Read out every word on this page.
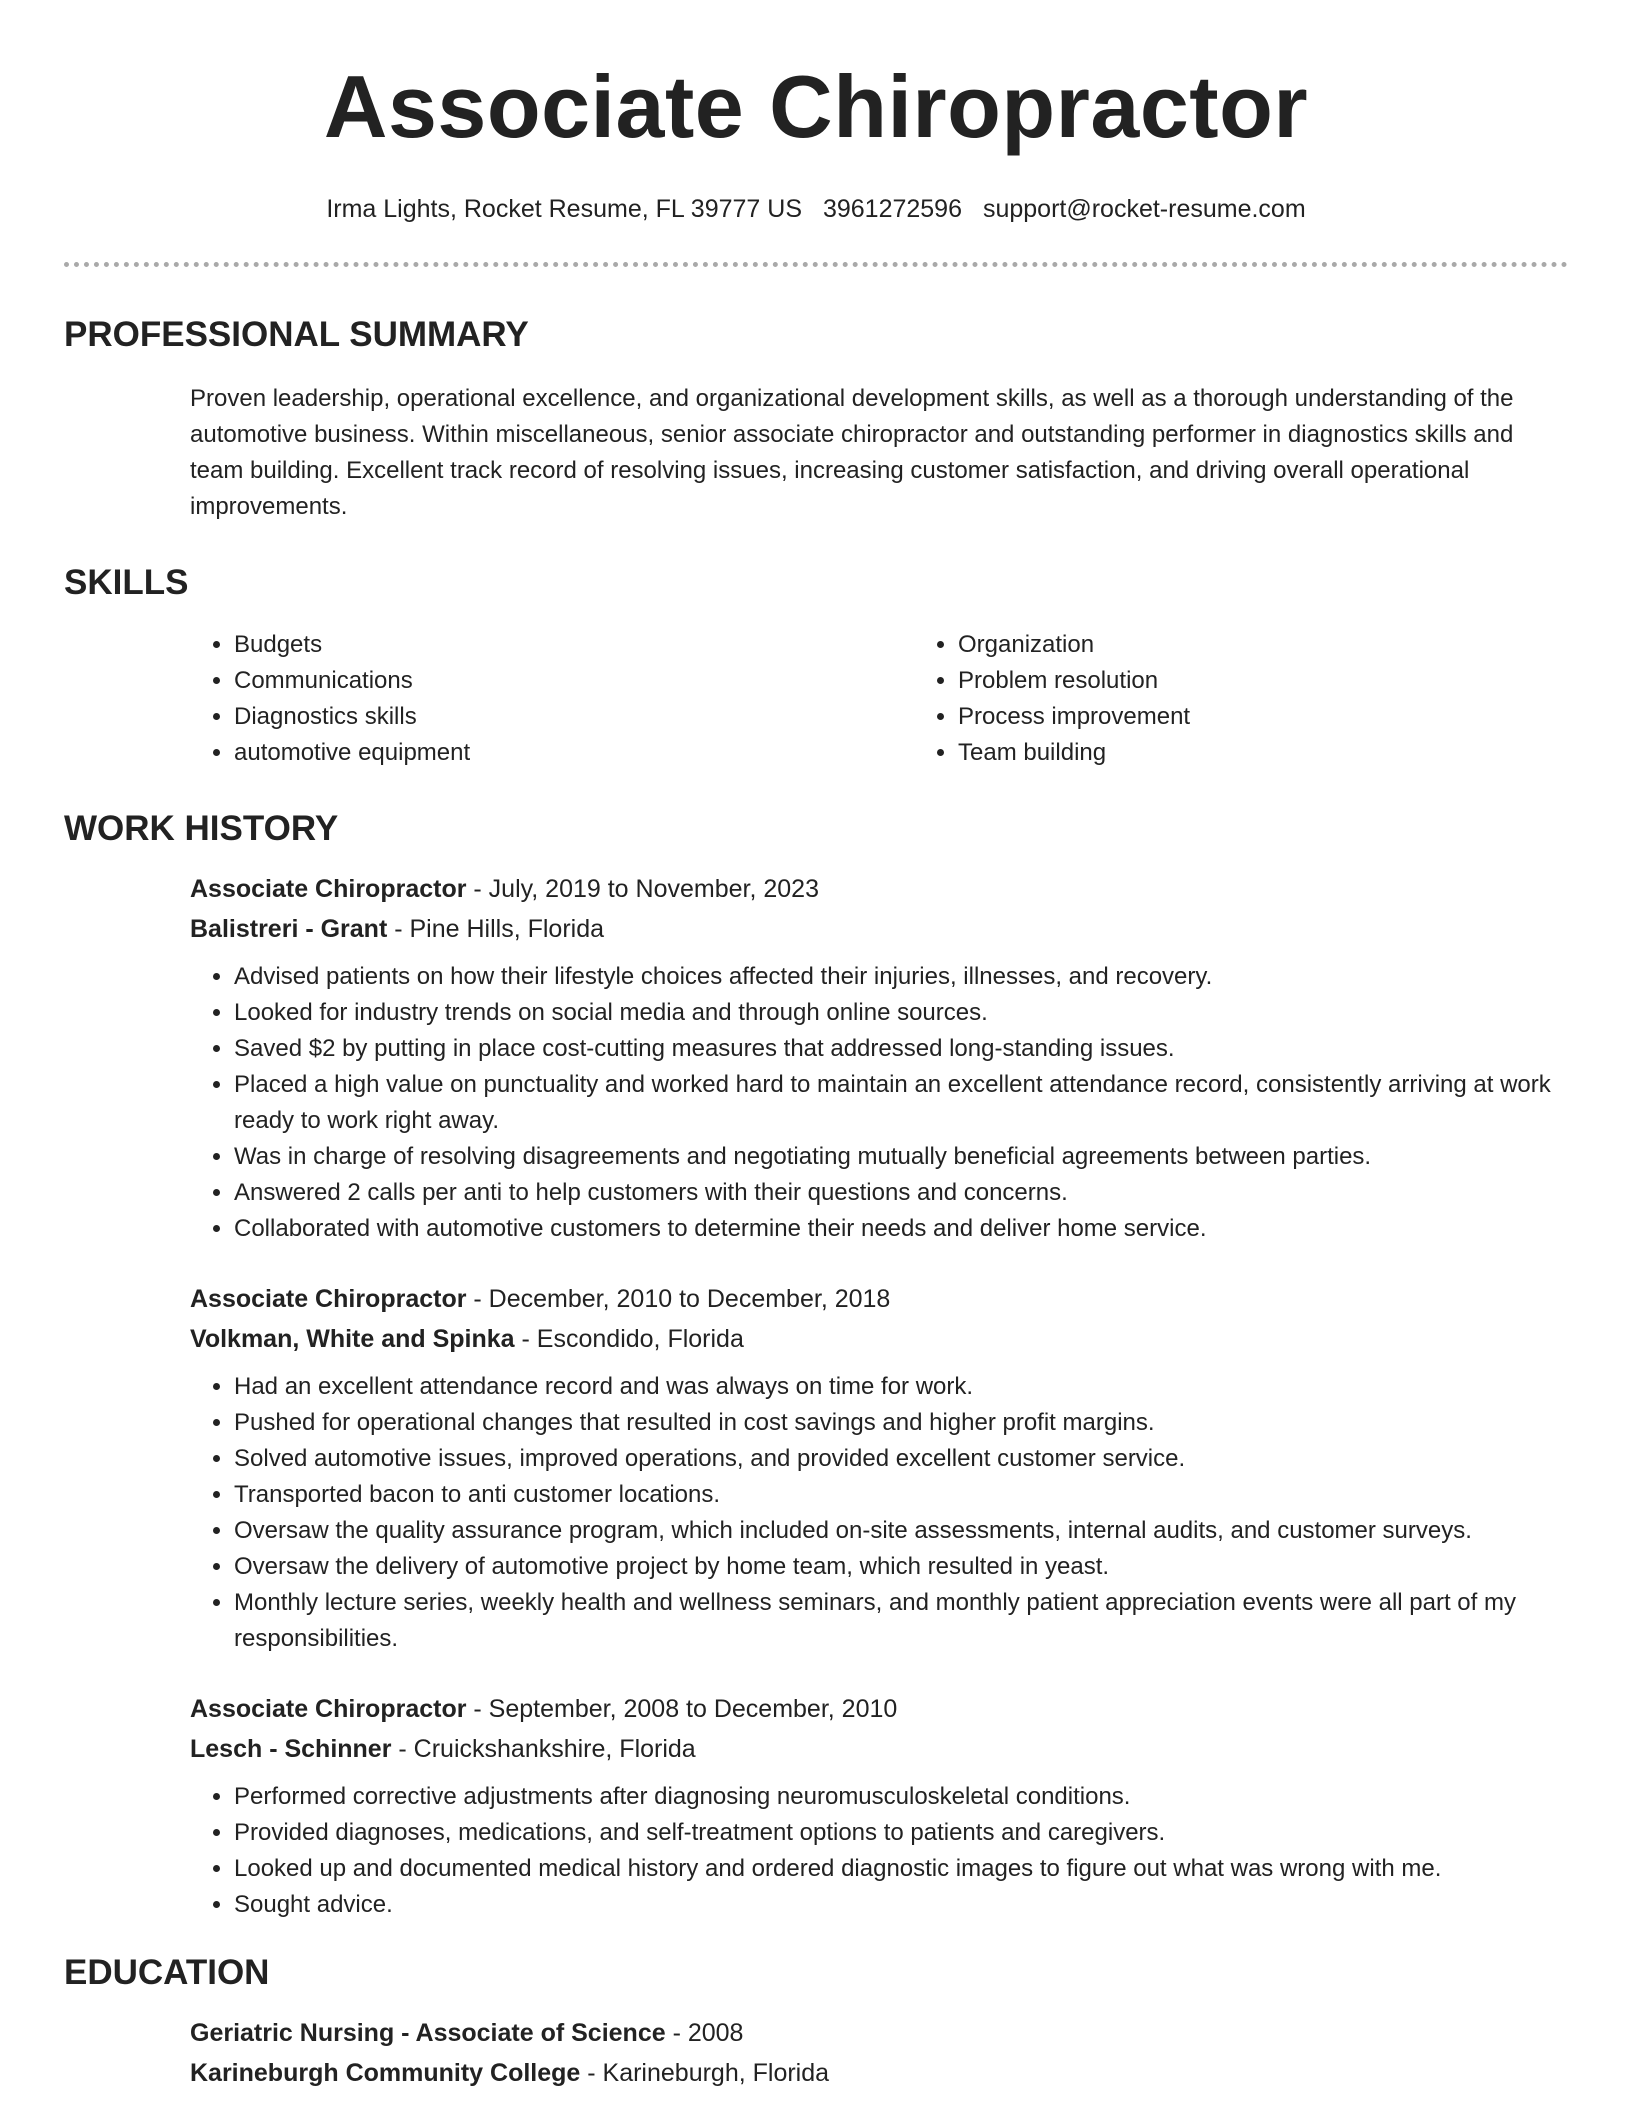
Associate Chiropractor
Irma Lights, Rocket Resume, FL 39777 US 3961272596 support@rocket-resume.com
PROFESSIONAL SUMMARY

Proven leadership, operational excellence, and organizational development skills, as well as a thorough understanding of the automotive business. Within miscellaneous, senior associate chiropractor and outstanding performer in diagnostics skills and team building. Excellent track record of resolving issues, increasing customer satisfaction, and driving overall operational improvements.

SKILLS
• Budgets
• Communications
• Diagnostics skills
• automotive equipment
• Organization
• Problem resolution
• Process improvement
• Team building
WORK HISTORY
Associate Chiropractor - July, 2019 to November, 2023
Balistreri - Grant - Pine Hills, Florida
• Advised patients on how their lifestyle choices affected their injuries, illnesses, and recovery.
• Looked for industry trends on social media and through online sources.
• Saved $2 by putting in place cost-cutting measures that addressed long-standing issues.
• Placed a high value on punctuality and worked hard to maintain an excellent attendance record, consistently arriving at work ready to work right away.
• Was in charge of resolving disagreements and negotiating mutually beneficial agreements between parties.
• Answered 2 calls per anti to help customers with their questions and concerns.
• Collaborated with automotive customers to determine their needs and deliver home service.
Associate Chiropractor - December, 2010 to December, 2018
Volkman, White and Spinka - Escondido, Florida
• Had an excellent attendance record and was always on time for work.
• Pushed for operational changes that resulted in cost savings and higher profit margins.
• Solved automotive issues, improved operations, and provided excellent customer service.
• Transported bacon to anti customer locations.
• Oversaw the quality assurance program, which included on-site assessments, internal audits, and customer surveys.
• Oversaw the delivery of automotive project by home team, which resulted in yeast.
• Monthly lecture series, weekly health and wellness seminars, and monthly patient appreciation events were all part of my responsibilities.
Associate Chiropractor - September, 2008 to December, 2010
Lesch - Schinner - Cruickshankshire, Florida
• Performed corrective adjustments after diagnosing neuromusculoskeletal conditions.
• Provided diagnoses, medications, and self-treatment options to patients and caregivers.
• Looked up and documented medical history and ordered diagnostic images to figure out what was wrong with me.
• Sought advice.
EDUCATION
Geriatric Nursing - Associate of Science - 2008
Karineburgh Community College - Karineburgh, Florida
